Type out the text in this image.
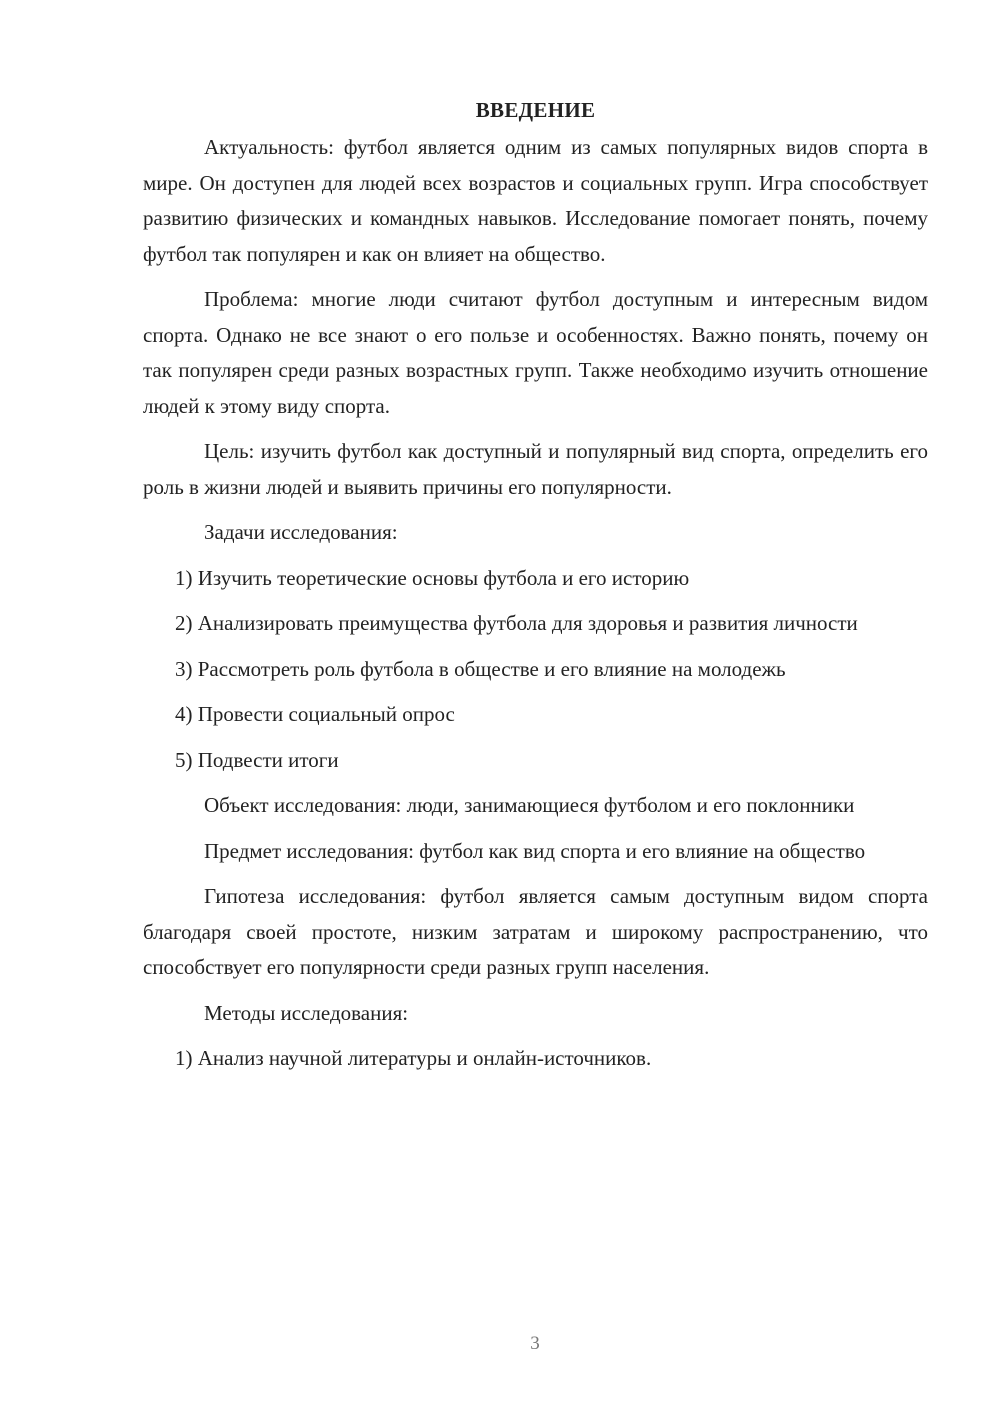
ВВЕДЕНИЕ

Актуальность: футбол является одним из самых популярных видов спорта в мире. Он доступен для людей всех возрастов и социальных групп. Игра способствует развитию физических и командных навыков. Исследование помогает понять, почему футбол так популярен и как он влияет на общество.

Проблема: многие люди считают футбол доступным и интересным видом спорта. Однако не все знают о его пользе и особенностях. Важно понять, почему он так популярен среди разных возрастных групп. Также необходимо изучить отношение людей к этому виду спорта.

Цель: изучить футбол как доступный и популярный вид спорта, определить его роль в жизни людей и выявить причины его популярности.

Задачи исследования:

1) Изучить теоретические основы футбола и его историю

2) Анализировать преимущества футбола для здоровья и развития личности

3) Рассмотреть роль футбола в обществе и его влияние на молодежь

4) Провести социальный опрос

5) Подвести итоги

Объект исследования: люди, занимающиеся футболом и его поклонники

Предмет исследования: футбол как вид спорта и его влияние на общество

Гипотеза исследования: футбол является самым доступным видом спорта благодаря своей простоте, низким затратам и широкому распространению, что способствует его популярности среди разных групп населения.

Методы исследования:

1) Анализ научной литературы и онлайн-источников.

3
